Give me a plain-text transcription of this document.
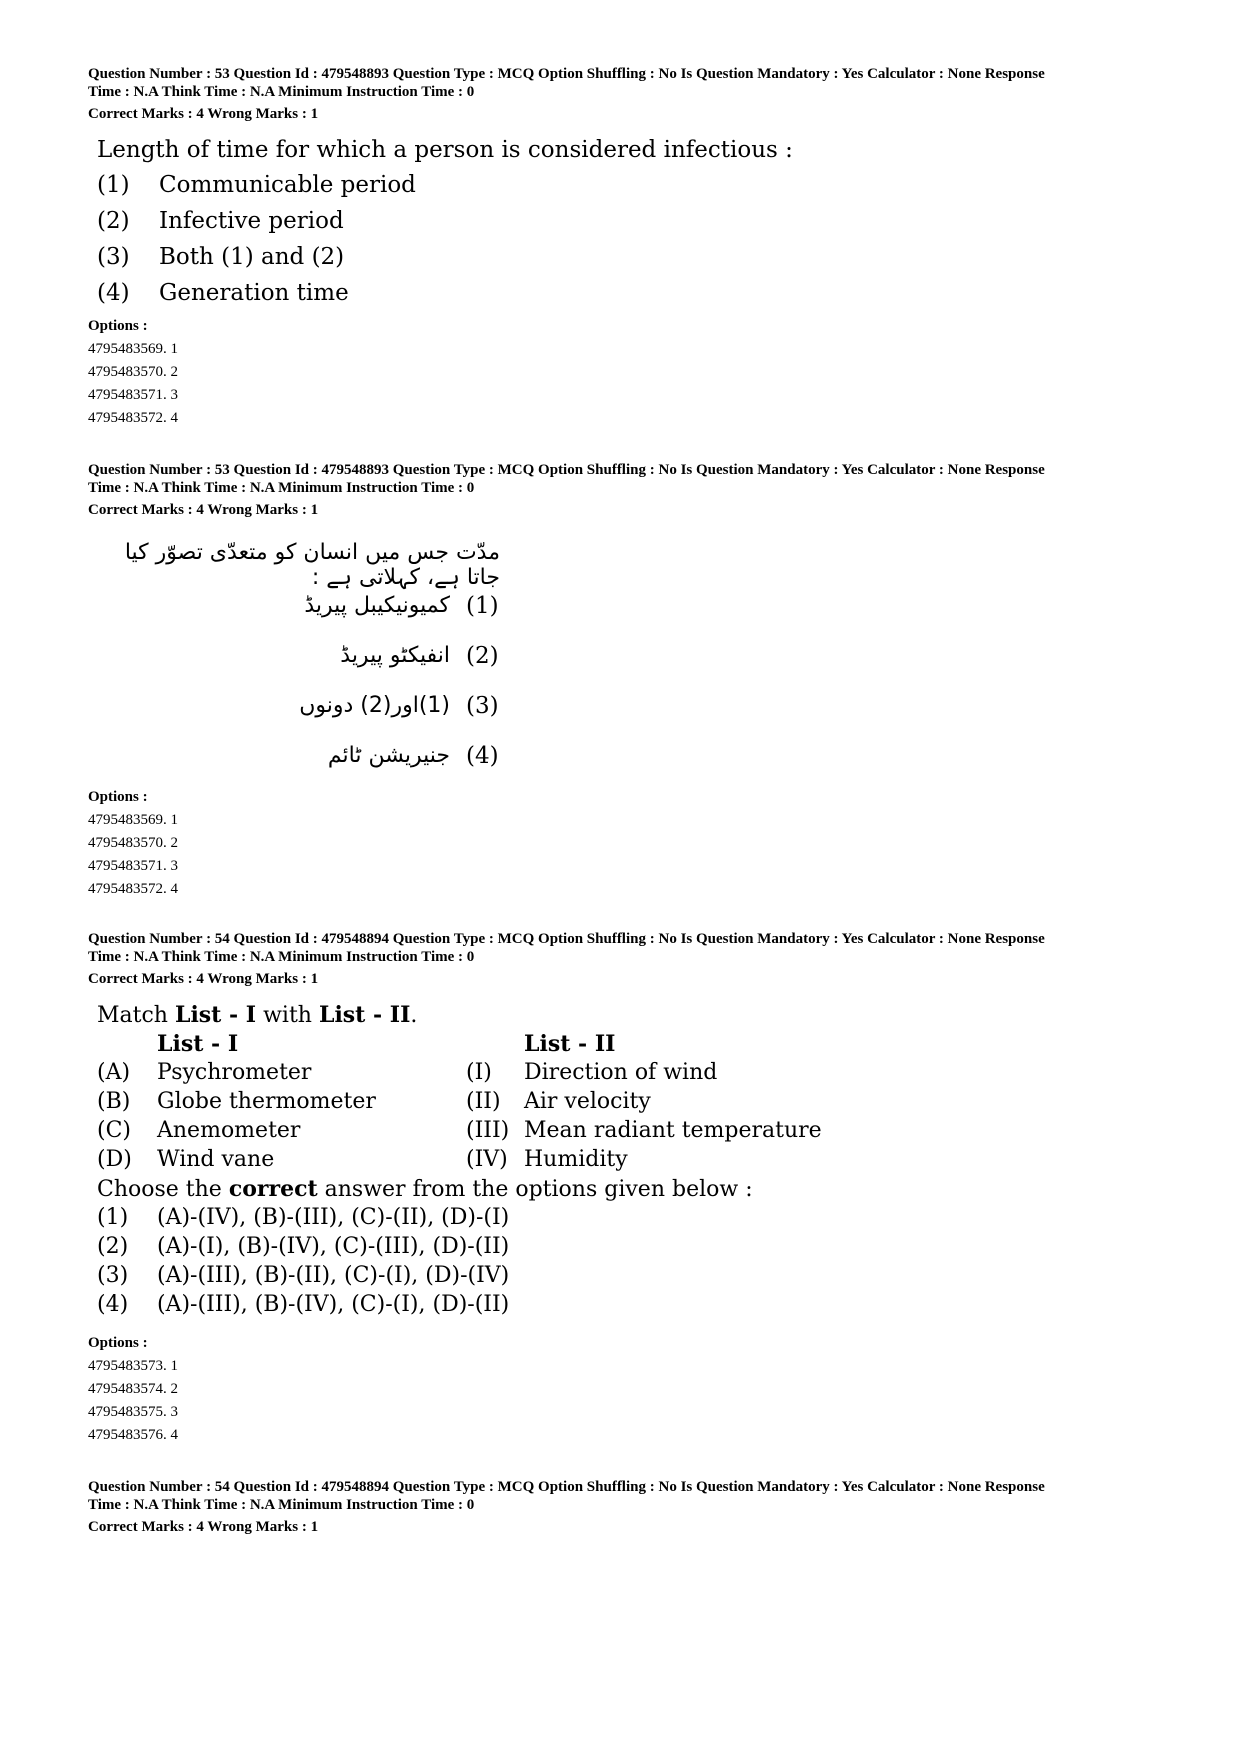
Question Number : 53 Question Id : 479548893 Question Type : MCQ Option Shuffling : No Is Question Mandatory : Yes Calculator : None Response
Time : N.A Think Time : N.A Minimum Instruction Time : 0
Correct Marks : 4 Wrong Marks : 1
Length of time for which a person is considered infectious :
(1) Communicable period
(2) Infective period
(3) Both (1) and (2)
(4) Generation time
Options :
4795483569. 1
4795483570. 2
4795483571. 3
4795483572. 4
Question Number : 53 Question Id : 479548893 Question Type : MCQ Option Shuffling : No Is Question Mandatory : Yes Calculator : None Response
Time : N.A Think Time : N.A Minimum Instruction Time : 0
Correct Marks : 4 Wrong Marks : 1
مدّت جس میں انسان کو متعدّی تصوّر کیا جاتا ہے، کہلاتی ہے :
(1)
کمیونیکیبل پیریڈ
(2)
انفیکٹو پیریڈ
(3)
(1)اور(2) دونوں
(4)
جنیریشن ٹائم
Options :
4795483569. 1
4795483570. 2
4795483571. 3
4795483572. 4
Question Number : 54 Question Id : 479548894 Question Type : MCQ Option Shuffling : No Is Question Mandatory : Yes Calculator : None Response
Time : N.A Think Time : N.A Minimum Instruction Time : 0
Correct Marks : 4 Wrong Marks : 1
Match List - I with List - II.
List - I	List - II
(A) Psychrometer	(I) Direction of wind
(B) Globe thermometer	(II) Air velocity
(C) Anemometer	(III) Mean radiant temperature
(D) Wind vane	(IV) Humidity
Choose the correct answer from the options given below :
(1) (A)-(IV), (B)-(III), (C)-(II), (D)-(I)
(2) (A)-(I), (B)-(IV), (C)-(III), (D)-(II)
(3) (A)-(III), (B)-(II), (C)-(I), (D)-(IV)
(4) (A)-(III), (B)-(IV), (C)-(I), (D)-(II)
Options :
4795483573. 1
4795483574. 2
4795483575. 3
4795483576. 4
Question Number : 54 Question Id : 479548894 Question Type : MCQ Option Shuffling : No Is Question Mandatory : Yes Calculator : None Response
Time : N.A Think Time : N.A Minimum Instruction Time : 0
Correct Marks : 4 Wrong Marks : 1
